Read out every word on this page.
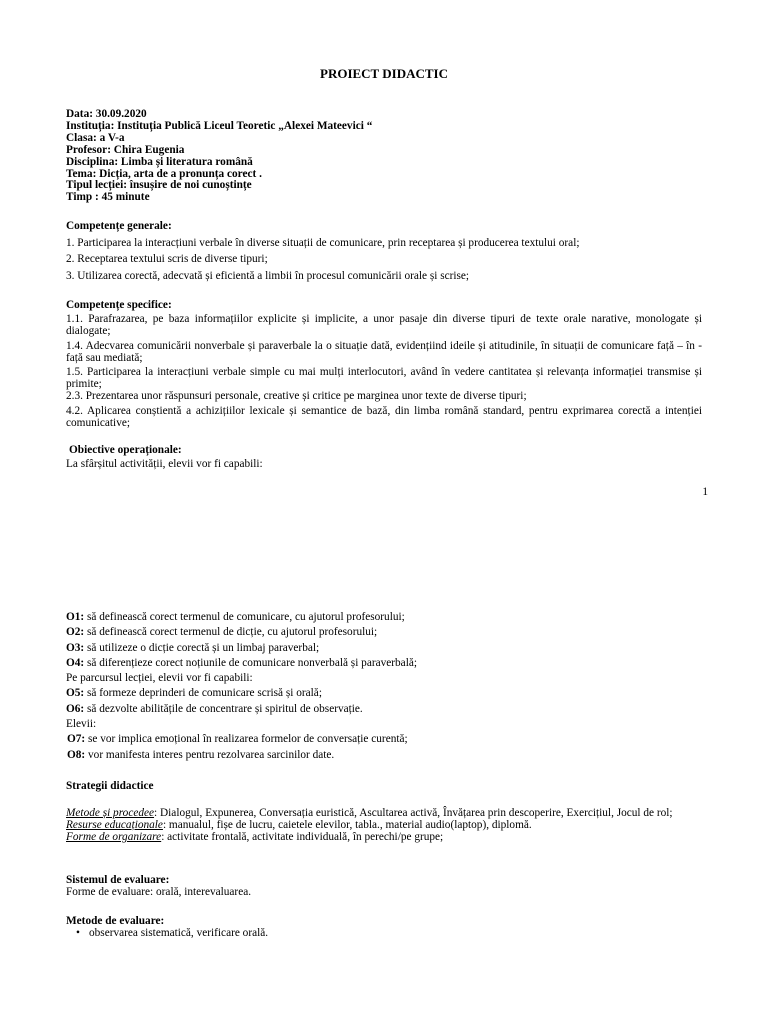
PROIECT DIDACTIC
Data: 30.09.2020
Instituția: Instituția Publică Liceul Teoretic „Alexei Mateevici “
Clasa: a V-a
Profesor: Chira Eugenia
Disciplina: Limba și literatura română
Tema: Dicția, arta de a pronunța corect .
Tipul lecției: însușire de noi cunoștințe
Timp : 45 minute
Competențe generale:
1. Participarea la interacțiuni verbale în diverse situații de comunicare, prin receptarea și producerea textului oral;
2. Receptarea textului scris de diverse tipuri;
3. Utilizarea corectă, adecvată și eficientă a limbii în procesul comunicării orale și scrise;
Competențe specifice:
1.1. Parafrazarea, pe baza informațiilor explicite și implicite, a unor pasaje din diverse tipuri de texte orale narative, monologate și dialogate;
1.4. Adecvarea comunicării nonverbale și paraverbale la o situație dată, evidențiind ideile și atitudinile, în situații de comunicare față – în - față sau mediată;
1.5. Participarea la interacțiuni verbale simple cu mai mulți interlocutori, având în vedere cantitatea și relevanța informației transmise și primite;
2.3. Prezentarea unor răspunsuri personale, creative și critice pe marginea unor texte de diverse tipuri;
4.2. Aplicarea conștientă a achizițiilor lexicale și semantice de bază, din limba română standard, pentru exprimarea corectă a intenției comunicative;
Obiective operaționale:
La sfârșitul activității, elevii vor fi capabili:
1
O1: să definească corect termenul de comunicare, cu ajutorul profesorului;
O2: să definească corect termenul de dicție, cu ajutorul profesorului;
O3: să utilizeze o dicție corectă și un limbaj paraverbal;
O4: să diferențieze corect noțiunile de comunicare nonverbală și paraverbală;
Pe parcursul lecției, elevii vor fi capabili:
O5: să formeze deprinderi de comunicare scrisă și orală;
O6: să dezvolte abilitățile de concentrare și spiritul de observație.
Elevii:
O7: se vor implica emoțional în realizarea formelor de conversație curentă;
O8: vor manifesta interes pentru rezolvarea sarcinilor date.
Strategii didactice
Metode și procedee: Dialogul, Expunerea, Conversația euristică, Ascultarea activă, Învățarea prin descoperire, Exercițiul, Jocul de rol;
Resurse educaționale: manualul, fișe de lucru, caietele elevilor, tabla., material audio(laptop), diplomă.
Forme de organizare: activitate frontală, activitate individuală, în perechi/pe grupe;
Sistemul de evaluare:
Forme de evaluare: orală, interevaluarea.
Metode de evaluare:
• observarea sistematică, verificare orală.
